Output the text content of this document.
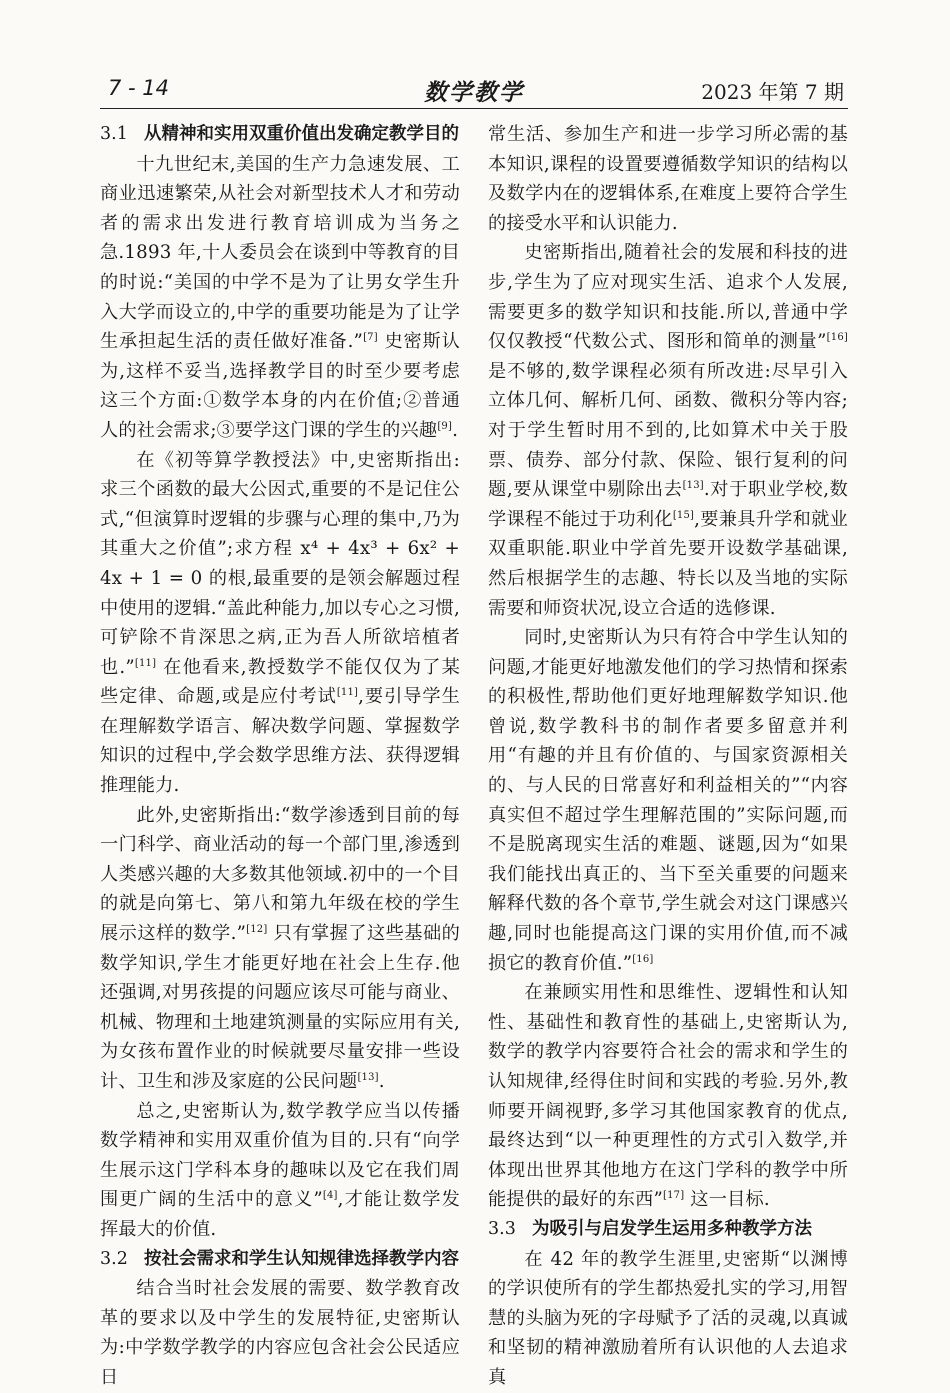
7 - 14	数学教学	2023 年第 7 期
3.1 从精神和实用双重价值出发确定教学目的

十九世纪末,美国的生产力急速发展、工商业迅速繁荣,从社会对新型技术人才和劳动者的需求出发进行教育培训成为当务之急.1893 年,十人委员会在谈到中等教育的目的时说:“美国的中学不是为了让男女学生升入大学而设立的,中学的重要功能是为了让学生承担起生活的责任做好准备.”[7] 史密斯认为,这样不妥当,选择教学目的时至少要考虑这三个方面:①数学本身的内在价值;②普通人的社会需求;③要学这门课的学生的兴趣[9].

在《初等算学教授法》中,史密斯指出:求三个函数的最大公因式,重要的不是记住公式,“但演算时逻辑的步骤与心理的集中,乃为其重大之价值”;求方程 x⁴ + 4x³ + 6x² + 4x + 1 = 0 的根,最重要的是领会解题过程中使用的逻辑.“盖此种能力,加以专心之习惯,可铲除不肯深思之病,正为吾人所欲培植者也.”[11] 在他看来,教授数学不能仅仅为了某些定律、命题,或是应付考试[11],要引导学生在理解数学语言、解决数学问题、掌握数学知识的过程中,学会数学思维方法、获得逻辑推理能力.

此外,史密斯指出:“数学渗透到目前的每一门科学、商业活动的每一个部门里,渗透到人类感兴趣的大多数其他领域.初中的一个目的就是向第七、第八和第九年级在校的学生展示这样的数学.”[12] 只有掌握了这些基础的数学知识,学生才能更好地在社会上生存.他还强调,对男孩提的问题应该尽可能与商业、机械、物理和土地建筑测量的实际应用有关,为女孩布置作业的时候就要尽量安排一些设计、卫生和涉及家庭的公民问题[13].

总之,史密斯认为,数学教学应当以传播数学精神和实用双重价值为目的.只有“向学生展示这门学科本身的趣味以及它在我们周围更广阔的生活中的意义”[4],才能让数学发挥最大的价值.

3.2 按社会需求和学生认知规律选择教学内容

结合当时社会发展的需要、数学教育改革的要求以及中学生的发展特征,史密斯认为:中学数学教学的内容应包含社会公民适应日

常生活、参加生产和进一步学习所必需的基本知识,课程的设置要遵循数学知识的结构以及数学内在的逻辑体系,在难度上要符合学生的接受水平和认识能力.

史密斯指出,随着社会的发展和科技的进步,学生为了应对现实生活、追求个人发展,需要更多的数学知识和技能.所以,普通中学仅仅教授“代数公式、图形和简单的测量”[16] 是不够的,数学课程必须有所改进:尽早引入立体几何、解析几何、函数、微积分等内容;对于学生暂时用不到的,比如算术中关于股票、债券、部分付款、保险、银行复利的问题,要从课堂中剔除出去[13].对于职业学校,数学课程不能过于功利化[15],要兼具升学和就业双重职能.职业中学首先要开设数学基础课,然后根据学生的志趣、特长以及当地的实际需要和师资状况,设立合适的选修课.

同时,史密斯认为只有符合中学生认知的问题,才能更好地激发他们的学习热情和探索的积极性,帮助他们更好地理解数学知识.他曾说,数学教科书的制作者要多留意并利用“有趣的并且有价值的、与国家资源相关的、与人民的日常喜好和利益相关的”“内容真实但不超过学生理解范围的”实际问题,而不是脱离现实生活的难题、谜题,因为“如果我们能找出真正的、当下至关重要的问题来解释代数的各个章节,学生就会对这门课感兴趣,同时也能提高这门课的实用价值,而不减损它的教育价值.”[16]

在兼顾实用性和思维性、逻辑性和认知性、基础性和教育性的基础上,史密斯认为,数学的教学内容要符合社会的需求和学生的认知规律,经得住时间和实践的考验.另外,教师要开阔视野,多学习其他国家教育的优点,最终达到“以一种更理性的方式引入数学,并体现出世界其他地方在这门学科的教学中所能提供的最好的东西”[17] 这一目标.

3.3 为吸引与启发学生运用多种教学方法

在 42 年的教学生涯里,史密斯“以渊博的学识使所有的学生都热爱扎实的学习,用智慧的头脑为死的字母赋予了活的灵魂,以真诚和坚韧的精神激励着所有认识他的人去追求真
